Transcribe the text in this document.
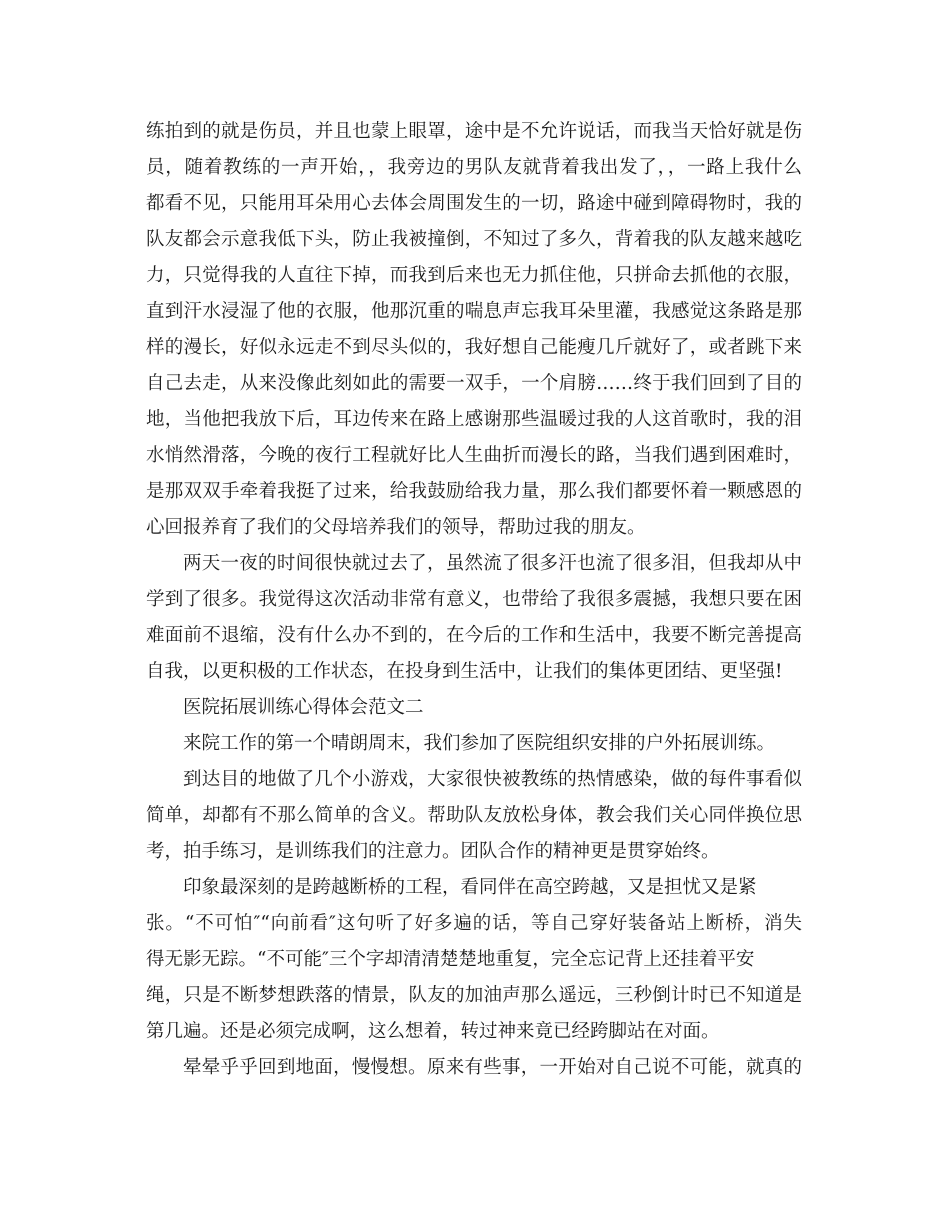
练拍到的就是伤员，并且也蒙上眼罩，途中是不允许说话，而我当天恰好就是伤
员，随着教练的一声开始，，我旁边的男队友就背着我出发了，，一路上我什么
都看不见，只能用耳朵用心去体会周围发生的一切，路途中碰到障碍物时，我的
队友都会示意我低下头，防止我被撞倒，不知过了多久，背着我的队友越来越吃
力，只觉得我的人直往下掉，而我到后来也无力抓住他，只拼命去抓他的衣服，
直到汗水浸湿了他的衣服，他那沉重的喘息声忘我耳朵里灌，我感觉这条路是那
样的漫长，好似永远走不到尽头似的，我好想自己能瘦几斤就好了，或者跳下来
自己去走，从来没像此刻如此的需要一双手，一个肩膀……终于我们回到了目的
地，当他把我放下后，耳边传来在路上感谢那些温暖过我的人这首歌时，我的泪
水悄然滑落，今晚的夜行工程就好比人生曲折而漫长的路，当我们遇到困难时，
是那双双手牵着我挺了过来，给我鼓励给我力量，那么我们都要怀着一颗感恩的
心回报养育了我们的父母培养我们的领导，帮助过我的朋友。
两天一夜的时间很快就过去了，虽然流了很多汗也流了很多泪，但我却从中
学到了很多。我觉得这次活动非常有意义，也带给了我很多震撼，我想只要在困
难面前不退缩，没有什么办不到的，在今后的工作和生活中，我要不断完善提高
自我，以更积极的工作状态，在投身到生活中，让我们的集体更团结、更坚强!
医院拓展训练心得体会范文二
来院工作的第一个晴朗周末，我们参加了医院组织安排的户外拓展训练。
到达目的地做了几个小游戏，大家很快被教练的热情感染，做的每件事看似
简单，却都有不那么简单的含义。帮助队友放松身体，教会我们关心同伴换位思
考，拍手练习，是训练我们的注意力。团队合作的精神更是贯穿始终。
印象最深刻的是跨越断桥的工程，看同伴在高空跨越，又是担忧又是紧
张。“不可怕″“向前看″这句听了好多遍的话，等自己穿好装备站上断桥，消失
得无影无踪。“不可能″三个字却清清楚楚地重复，完全忘记背上还挂着平安
绳，只是不断梦想跌落的情景，队友的加油声那么遥远，三秒倒计时已不知道是
第几遍。还是必须完成啊，这么想着，转过神来竟已经跨脚站在对面。
晕晕乎乎回到地面，慢慢想。原来有些事，一开始对自己说不可能，就真的
